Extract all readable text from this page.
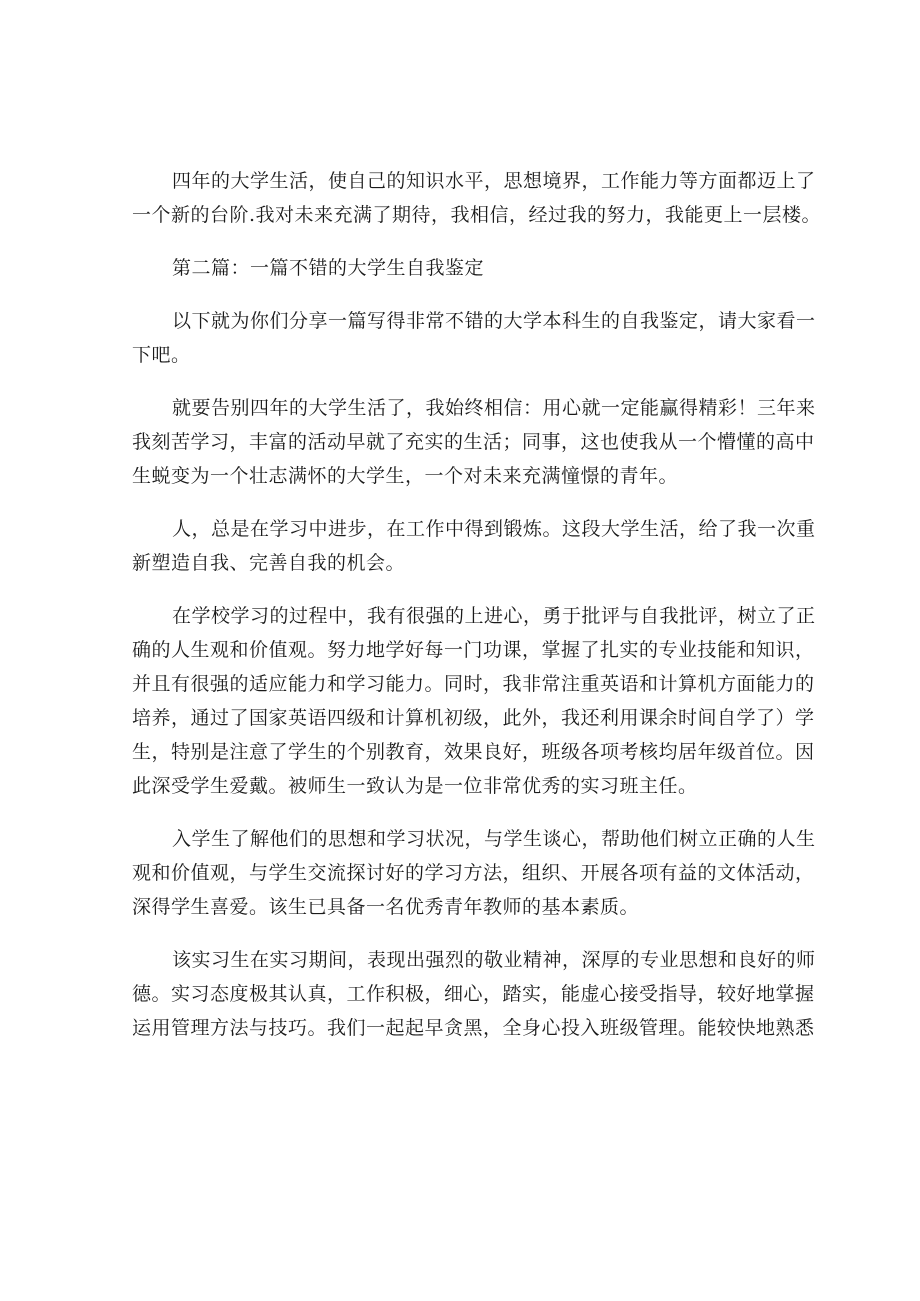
四年的大学生活，使自己的知识水平，思想境界，工作能力等方面都迈上了
一个新的台阶.我对未来充满了期待，我相信，经过我的努力，我能更上一层楼。

第二篇：一篇不错的大学生自我鉴定

以下就为你们分享一篇写得非常不错的大学本科生的自我鉴定，请大家看一
下吧。

就要告别四年的大学生活了，我始终相信：用心就一定能赢得精彩！三年来
我刻苦学习，丰富的活动早就了充实的生活；同事，这也使我从一个懵懂的高中
生蜕变为一个壮志满怀的大学生，一个对未来充满憧憬的青年。

人，总是在学习中进步，在工作中得到锻炼。这段大学生活，给了我一次重
新塑造自我、完善自我的机会。

在学校学习的过程中，我有很强的上进心，勇于批评与自我批评，树立了正
确的人生观和价值观。努力地学好每一门功课，掌握了扎实的专业技能和知识，
并且有很强的适应能力和学习能力。同时，我非常注重英语和计算机方面能力的
培养，通过了国家英语四级和计算机初级，此外，我还利用课余时间自学了）学
生，特别是注意了学生的个别教育，效果良好，班级各项考核均居年级首位。因
此深受学生爱戴。被师生一致认为是一位非常优秀的实习班主任。

入学生了解他们的思想和学习状况，与学生谈心，帮助他们树立正确的人生
观和价值观，与学生交流探讨好的学习方法，组织、开展各项有益的文体活动，
深得学生喜爱。该生已具备一名优秀青年教师的基本素质。

该实习生在实习期间，表现出强烈的敬业精神，深厚的专业思想和良好的师
德。实习态度极其认真，工作积极，细心，踏实，能虚心接受指导，较好地掌握
运用管理方法与技巧。我们一起起早贪黑，全身心投入班级管理。能较快地熟悉
